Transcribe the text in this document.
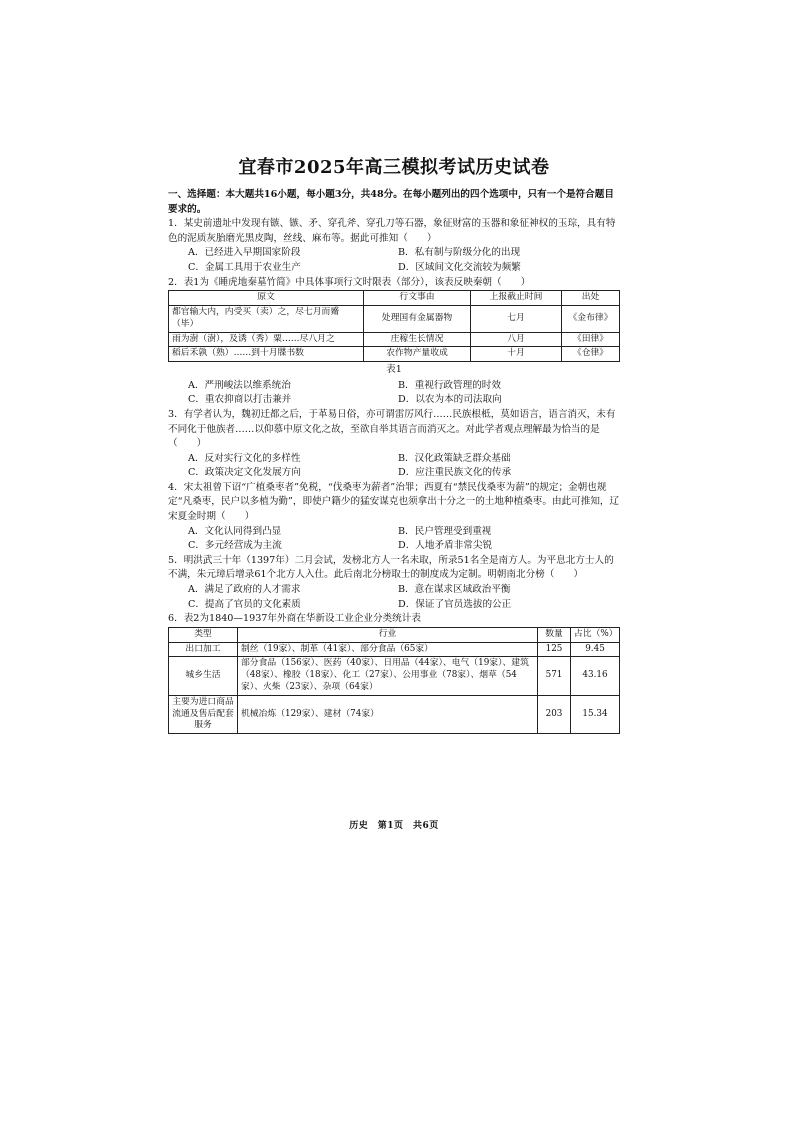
宜春市2025年高三模拟考试历史试卷

一、选择题：本大题共16小题，每小题3分，共48分。在每小题列出的四个选项中，只有一个是符合题目要求的。

1．某史前遗址中发现有镞、镞、矛、穿孔斧、穿孔刀等石器，象征财富的玉器和象征神权的玉琮，具有特色的泥质灰胎磨光黑皮陶，丝线、麻布等。据此可推知（　　）

A．已经进入早期国家阶段	B．私有制与阶级分化的出现
C．金属工具用于农业生产	D．区域间文化交流较为频繁

2．表1为《睡虎地秦墓竹简》中具体事项行文时限表（部分），该表反映秦朝（　　）

原文	行文事由	上报截止时间	出处
都官输大内，内受买（卖）之，尽七月而觱（毕）	处理国有金属器物	七月	《金布律》
雨为澍（澍），及诱（秀）粟……尽八月之	庄稼生长情况	八月	《田律》
稻后禾孰（熟）……到十月牒书数	农作物产量收成	十月	《仓律》
表1
A．严刑峻法以维系统治	B．重视行政管理的时效
C．重农抑商以打击兼并	D．以农为本的司法取向

3．有学者认为，魏初迁都之后，于革易日俗，亦可谓雷厉风行……民族根柢，莫如语言，语言消灭，未有不同化于他族者……以仰慕中原文化之故，至欲自举其语言而消灭之。对此学者观点理解最为恰当的是（　　）

A．反对实行文化的多样性	B．汉化政策缺乏群众基础
C．政策决定文化发展方向	D．应注重民族文化的传承

4．宋太祖曾下诏“广植桑枣者”免税，“伐桑枣为薪者”治罪；西夏有“禁民伐桑枣为薪”的规定；金朝也规定“凡桑枣，民户以多植为勤”，即使户籍少的猛安谋克也须拿出十分之一的土地种植桑枣。由此可推知，辽宋夏金时期（　　）

A．文化认同得到凸显	B．民户管理受到重视
C．多元经营成为主流	D．人地矛盾非常尖锐

5．明洪武三十年（1397年）二月会试，发榜北方人一名未取，所录51名全是南方人。为平息北方士人的不满，朱元璋后增录61个北方人入仕。此后南北分榜取士的制度成为定制。明朝南北分榜（　　）

A．满足了政府的人才需求	B．意在谋求区域政治平衡
C．提高了官员的文化素质	D．保证了官员选拔的公正

6．表2为1840—1937年外商在华新设工业企业分类统计表

类型	行业	数量	占比（%）
出口加工	制丝（19家）、制革（41家）、部分食品（65家）	125	9.45
城乡生活	部分食品（156家）、医药（40家）、日用品（44家）、电气（19家）、建筑（48家）、橡胶（18家）、化工（27家）、公用事业（78家）、烟草（54家）、火柴（23家）、杂项（64家）	571	43.16
主要为进口商品流通及售后配套服务	机械冶炼（129家）、建材（74家）	203	15.34
历史　第1页　共6页
